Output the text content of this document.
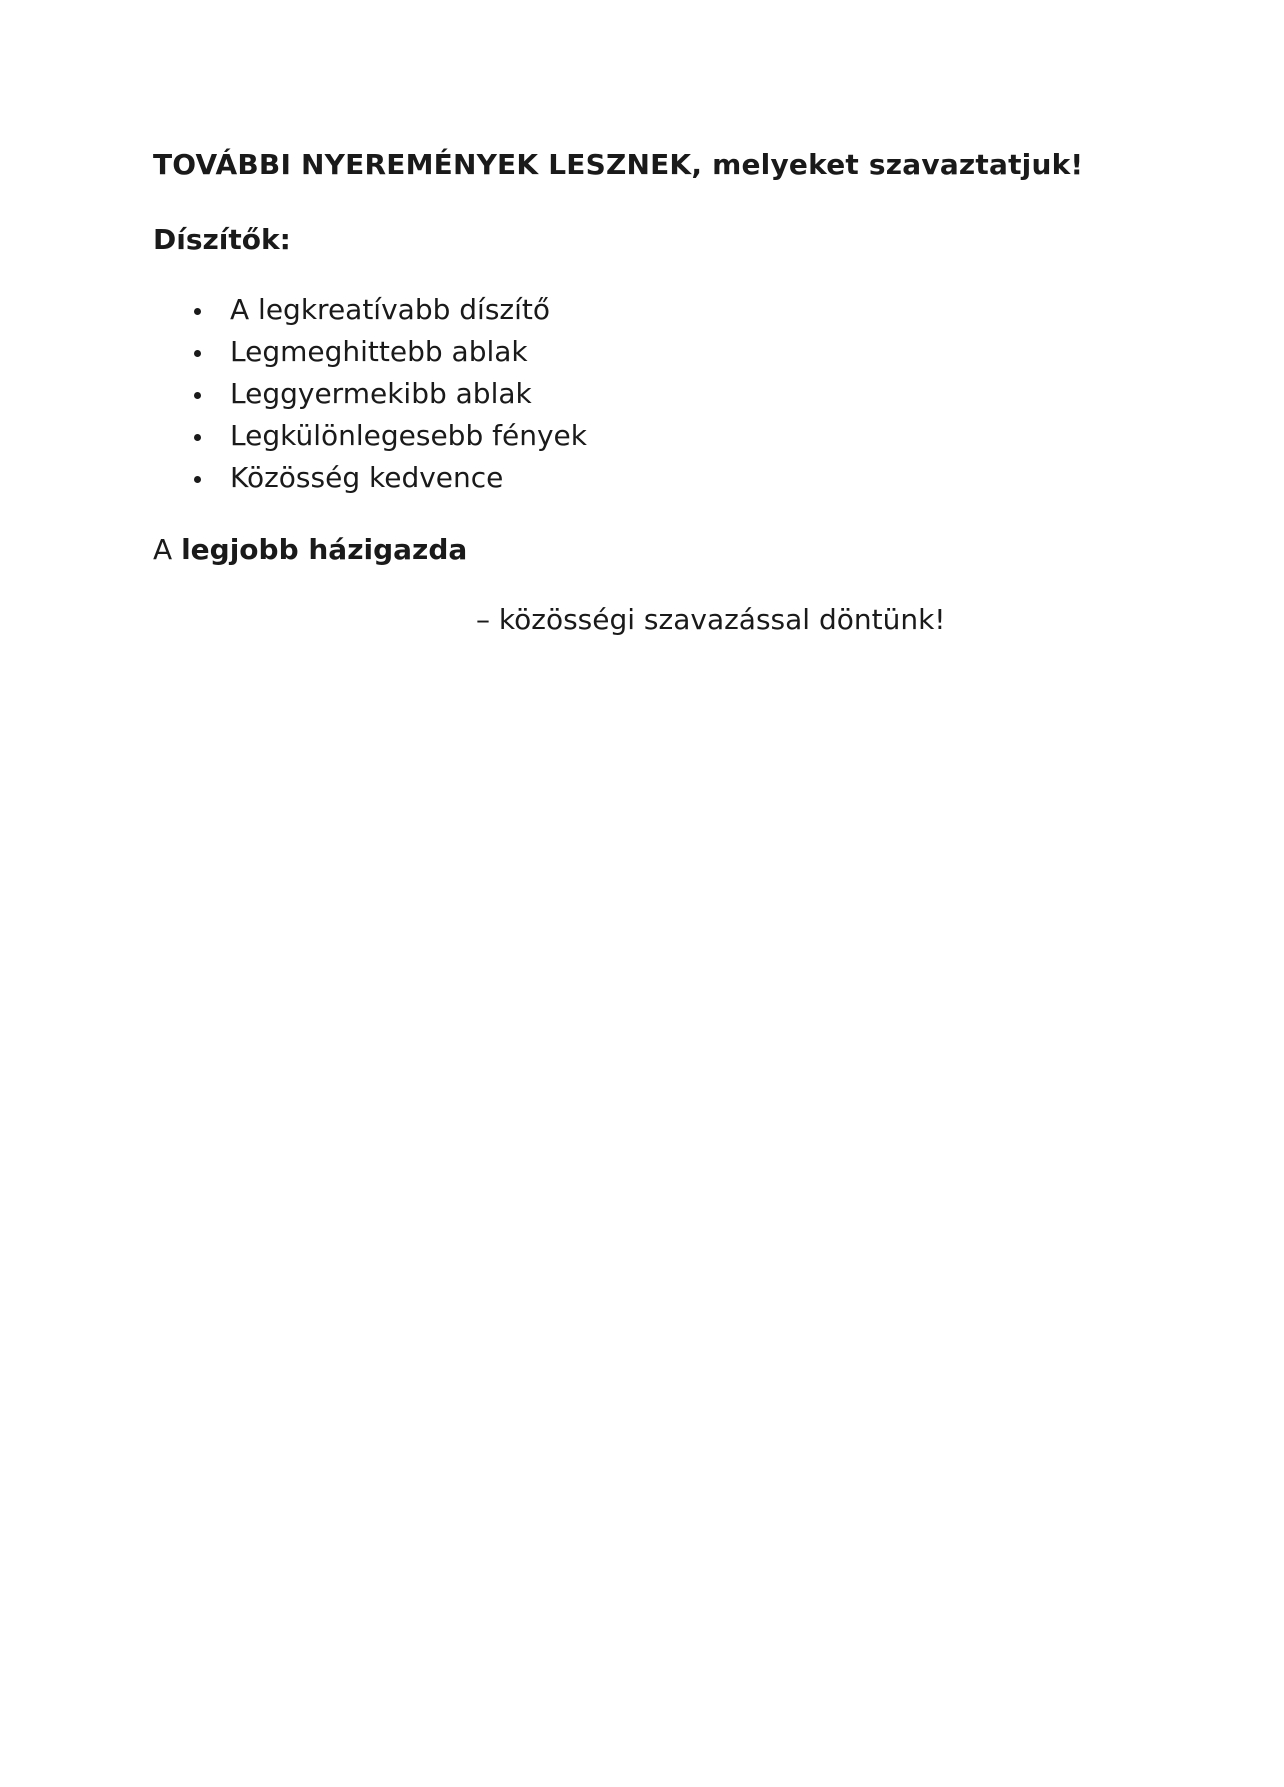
TOVÁBBI NYEREMÉNYEK LESZNEK, melyeket szavaztatjuk!

Díszítők:

A legkreatívabb díszítő
Legmeghittebb ablak
Leggyermekibb ablak
Legkülönlegesebb fények
Közösség kedvence

A legjobb házigazda

– közösségi szavazással döntünk!
